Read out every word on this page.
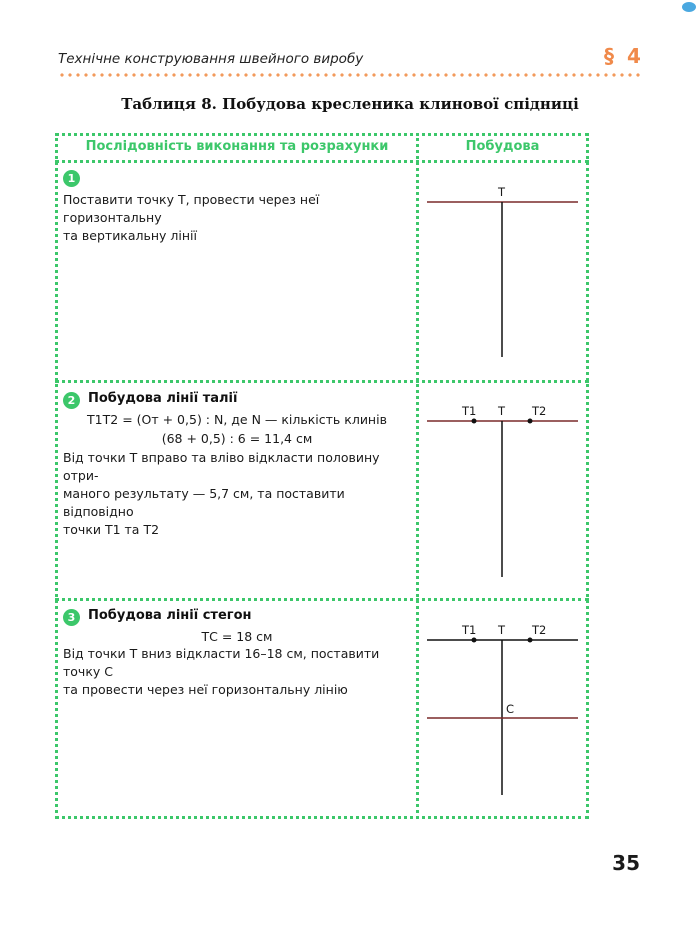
Технічне конструювання швейного виробу	§ 4
Таблиця 8. Побудова кресленика клинової спідниці
Послідовність виконання та розрахунки	Побудова
1
Поставити точку Т, провести через неї горизонтальну
та вертикальну лінії
Т
2 Побудова лінії талії
Т1Т2 = (От + 0,5) : N, де N — кількість клинів
(68 + 0,5) : 6 = 11,4 см
Від точки Т вправо та вліво відкласти половину отри-
маного результату — 5,7 см, та поставити відповідно
точки Т1 та Т2
Т1 Т Т2
3 Побудова лінії стегон
ТС = 18 см
Від точки Т вниз відкласти 16–18 см, поставити точку С
та провести через неї горизонтальну лінію
Т1 Т Т2
С
35
